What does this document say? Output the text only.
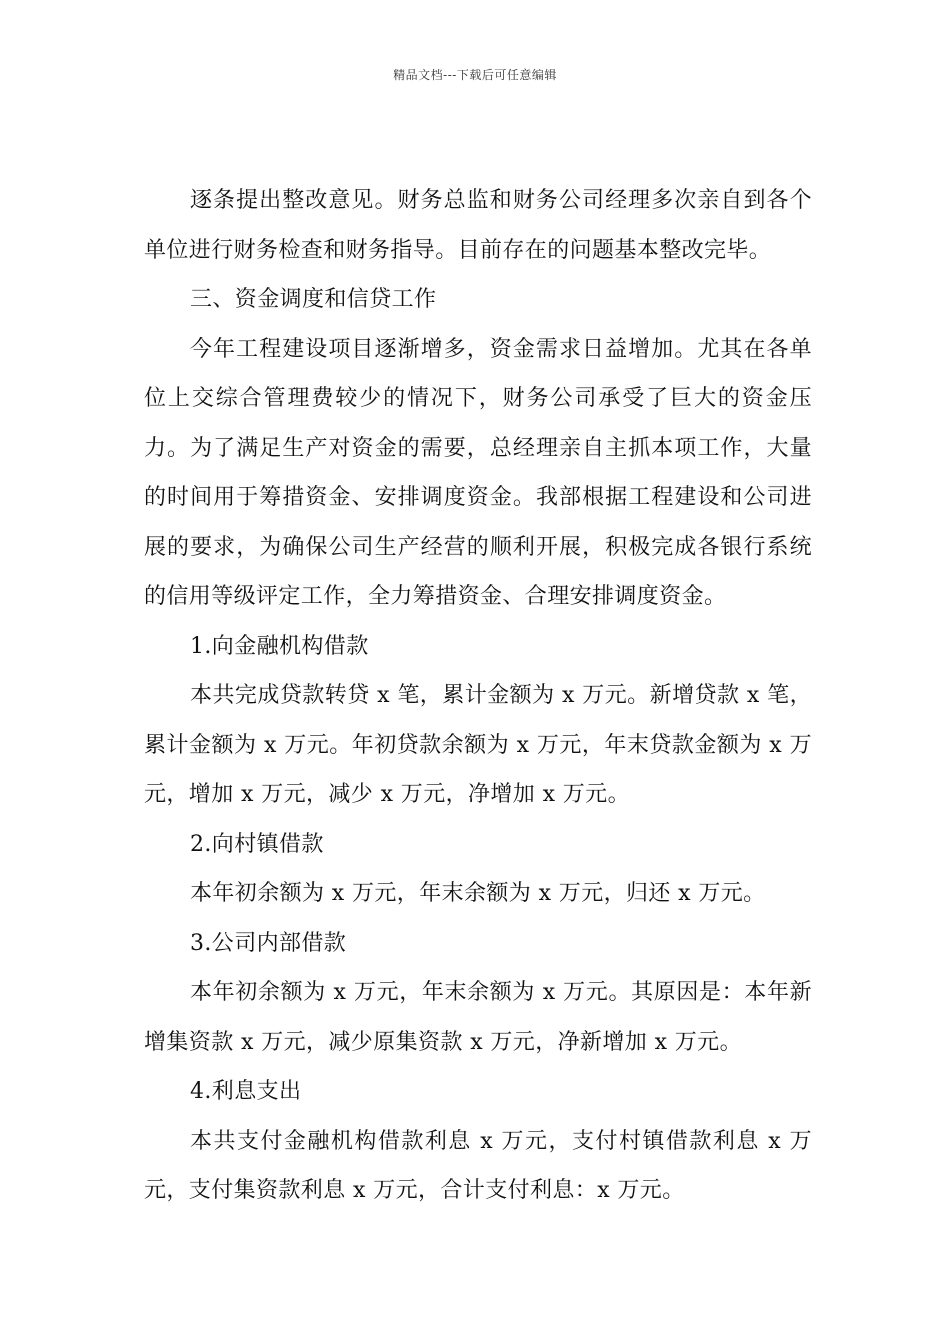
精品文档---下载后可任意编辑

逐条提出整改意见。财务总监和财务公司经理多次亲自到各个单位进行财务检查和财务指导。目前存在的问题基本整改完毕。

三、资金调度和信贷工作

今年工程建设项目逐渐增多，资金需求日益增加。尤其在各单位上交综合管理费较少的情况下，财务公司承受了巨大的资金压力。为了满足生产对资金的需要，总经理亲自主抓本项工作，大量的时间用于筹措资金、安排调度资金。我部根据工程建设和公司进展的要求，为确保公司生产经营的顺利开展，积极完成各银行系统的信用等级评定工作，全力筹措资金、合理安排调度资金。

1.向金融机构借款

本共完成贷款转贷 x 笔，累计金额为 x 万元。新增贷款 x 笔，累计金额为 x 万元。年初贷款余额为 x 万元，年末贷款金额为 x 万元，增加 x 万元，减少 x 万元，净增加 x 万元。

2.向村镇借款

本年初余额为 x 万元，年末余额为 x 万元，归还 x 万元。

3.公司内部借款

本年初余额为 x 万元，年末余额为 x 万元。其原因是：本年新增集资款 x 万元，减少原集资款 x 万元，净新增加 x 万元。

4.利息支出

本共支付金融机构借款利息 x 万元，支付村镇借款利息 x 万元，支付集资款利息 x 万元，合计支付利息：x 万元。
